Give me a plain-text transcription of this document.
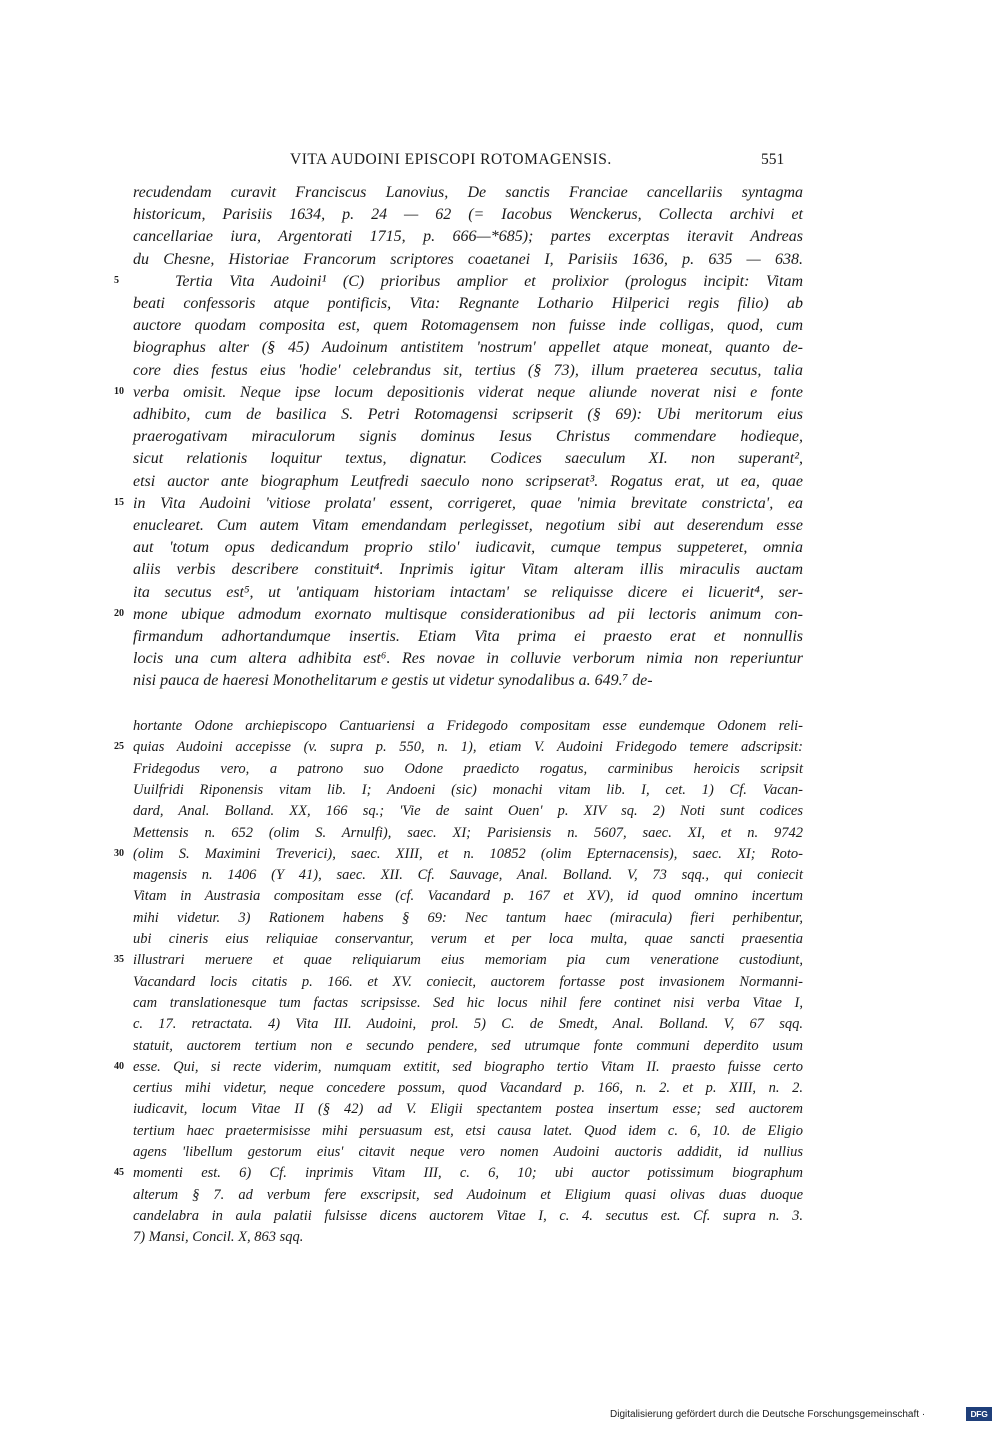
VITA AUDOINI EPISCOPI ROTOMAGENSIS.	551
recudendam curavit Franciscus Lanovius, De sanctis Franciae cancellariis syntagma
historicum, Parisiis 1634, p. 24 — 62 (= Iacobus Wenckerus, Collecta archivi et
cancellariae iura, Argentorati 1715, p. 666—*685); partes excerptas iteravit Andreas
du Chesne, Historiae Francorum scriptores coaetanei I, Parisiis 1636, p. 635 — 638.
Tertia Vita Audoini¹ (C) prioribus amplior et prolixior (prologus incipit: Vitam
beati confessoris atque pontificis, Vita: Regnante Lothario Hilperici regis filio) ab
auctore quodam composita est, quem Rotomagensem non fuisse inde colligas, quod, cum
biographus alter (§ 45) Audoinum antistitem 'nostrum' appellet atque moneat, quanto de-
core dies festus eius 'hodie' celebrandus sit, tertius (§ 73), illum praeterea secutus, talia
verba omisit. Neque ipse locum depositionis viderat neque aliunde noverat nisi e fonte
adhibito, cum de basilica S. Petri Rotomagensi scripserit (§ 69): Ubi meritorum eius
praerogativam miraculorum signis dominus Iesus Christus commendare hodieque,
sicut relationis loquitur textus, dignatur. Codices saeculum XI. non superant²,
etsi auctor ante biographum Leutfredi saeculo nono scripserat³. Rogatus erat, ut ea, quae
in Vita Audoini 'vitiose prolata' essent, corrigeret, quae 'nimia brevitate constricta', ea
enuclearet. Cum autem Vitam emendandam perlegisset, negotium sibi aut deserendum esse
aut 'totum opus dedicandum proprio stilo' iudicavit, cumque tempus suppeteret, omnia
aliis verbis describere constituit⁴. Inprimis igitur Vitam alteram illis miraculis auctam
ita secutus est⁵, ut 'antiquam historiam intactam' se reliquisse dicere ei licuerit⁴, ser-
mone ubique admodum exornato multisque considerationibus ad pii lectoris animum con-
firmandum adhortandumque insertis. Etiam Vita prima ei praesto erat et nonnullis
locis una cum altera adhibita est⁶. Res novae in colluvie verborum nimia non reperiuntur
nisi pauca de haeresi Monothelitarum e gestis ut videtur synodalibus a. 649.⁷ de-
5
10
15
20
hortante Odone archiepiscopo Cantuariensi a Fridegodo compositam esse eundemque Odonem reli-
quias Audoini accepisse (v. supra p. 550, n. 1), etiam V. Audoini Fridegodo temere adscripsit:
Fridegodus vero, a patrono suo Odone praedicto rogatus, carminibus heroicis scripsit
Uuilfridi Riponensis vitam lib. I; Andoeni (sic) monachi vitam lib. I, cet. 1) Cf. Vacan-
dard, Anal. Bolland. XX, 166 sq.; 'Vie de saint Ouen' p. XIV sq. 2) Noti sunt codices
Mettensis n. 652 (olim S. Arnulfi), saec. XI; Parisiensis n. 5607, saec. XI, et n. 9742
(olim S. Maximini Treverici), saec. XIII, et n. 10852 (olim Epternacensis), saec. XI; Roto-
magensis n. 1406 (Y 41), saec. XII. Cf. Sauvage, Anal. Bolland. V, 73 sqq., qui coniecit
Vitam in Austrasia compositam esse (cf. Vacandard p. 167 et XV), id quod omnino incertum
mihi videtur. 3) Rationem habens § 69: Nec tantum haec (miracula) fieri perhibentur,
ubi cineris eius reliquiae conservantur, verum et per loca multa, quae sancti praesentia
illustrari meruere et quae reliquiarum eius memoriam pia cum veneratione custodiunt,
Vacandard locis citatis p. 166. et XV. coniecit, auctorem fortasse post invasionem Normanni-
cam translationesque tum factas scripsisse. Sed hic locus nihil fere continet nisi verba Vitae I,
c. 17. retractata. 4) Vita III. Audoini, prol. 5) C. de Smedt, Anal. Bolland. V, 67 sqq.
statuit, auctorem tertium non e secundo pendere, sed utrumque fonte communi deperdito usum
esse. Qui, si recte viderim, numquam extitit, sed biographo tertio Vitam II. praesto fuisse certo
certius mihi videtur, neque concedere possum, quod Vacandard p. 166, n. 2. et p. XIII, n. 2.
iudicavit, locum Vitae II (§ 42) ad V. Eligii spectantem postea insertum esse; sed auctorem
tertium haec praetermisisse mihi persuasum est, etsi causa latet. Quod idem c. 6, 10. de Eligio
agens 'libellum gestorum eius' citavit neque vero nomen Audoini auctoris addidit, id nullius
momenti est. 6) Cf. inprimis Vitam III, c. 6, 10; ubi auctor potissimum biographum
alterum § 7. ad verbum fere exscripsit, sed Audoinum et Eligium quasi olivas duas duoque
candelabra in aula palatii fulsisse dicens auctorem Vitae I, c. 4. secutus est. Cf. supra n. 3.
7) Mansi, Concil. X, 863 sqq.
25
30
35
40
45
Digitalisierung gefördert durch die Deutsche Forschungsgemeinschaft ·	DFG
